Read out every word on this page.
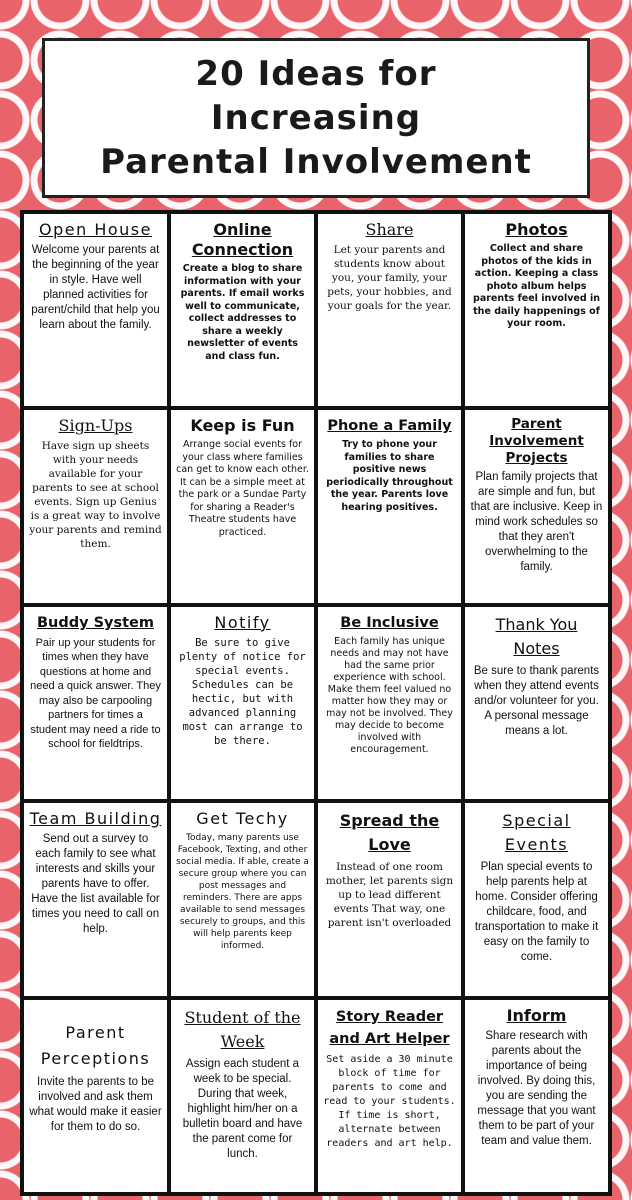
20 Ideas for
Increasing
Parental Involvement
Open House
Welcome your parents at the beginning of the year in style. Have well planned activities for parent/child that help you learn about the family.
Online Connection
Create a blog to share information with your parents. If email works well to communicate, collect addresses to share a weekly newsletter of events and class fun.
Share
Let your parents and students know about you, your family, your pets, your hobbies, and your goals for the year.
Photos
Collect and share photos of the kids in action. Keeping a class photo album helps parents feel involved in the daily happenings of your room.
Sign-Ups
Have sign up sheets with your needs available for your parents to see at school events. Sign up Genius is a great way to involve your parents and remind them.
Keep is Fun
Arrange social events for your class where families can get to know each other. It can be a simple meet at the park or a Sundae Party for sharing a Reader's Theatre students have practiced.
Phone a Family
Try to phone your families to share positive news periodically throughout the year. Parents love hearing positives.
Parent Involvement Projects
Plan family projects that are simple and fun, but that are inclusive. Keep in mind work schedules so that they aren't overwhelming to the family.
Buddy System
Pair up your students for times when they have questions at home and need a quick answer. They may also be carpooling partners for times a student may need a ride to school for fieldtrips.
Notify
Be sure to give plenty of notice for special events. Schedules can be hectic, but with advanced planning most can arrange to be there.
Be Inclusive
Each family has unique needs and may not have had the same prior experience with school. Make them feel valued no matter how they may or may not be involved. They may decide to become involved with encouragement.
Thank You Notes
Be sure to thank parents when they attend events and/or volunteer for you. A personal message means a lot.
Team Building
Send out a survey to each family to see what interests and skills your parents have to offer. Have the list available for times you need to call on help.
Get Techy
Today, many parents use Facebook, Texting, and other social media. If able, create a secure group where you can post messages and reminders. There are apps available to send messages securely to groups, and this will help parents keep informed.
Spread the Love
Instead of one room mother, let parents sign up to lead different events That way, one parent isn't overloaded
Special Events
Plan special events to help parents help at home. Consider offering childcare, food, and transportation to make it easy on the family to come.
Parent Perceptions
Invite the parents to be involved and ask them what would make it easier for them to do so.
Student of the Week
Assign each student a week to be special. During that week, highlight him/her on a bulletin board and have the parent come for lunch.
Story Reader and Art Helper
Set aside a 30 minute block of time for parents to come and read to your students. If time is short, alternate between readers and art help.
Inform
Share research with parents about the importance of being involved. By doing this, you are sending the message that you want them to be part of your team and value them.
